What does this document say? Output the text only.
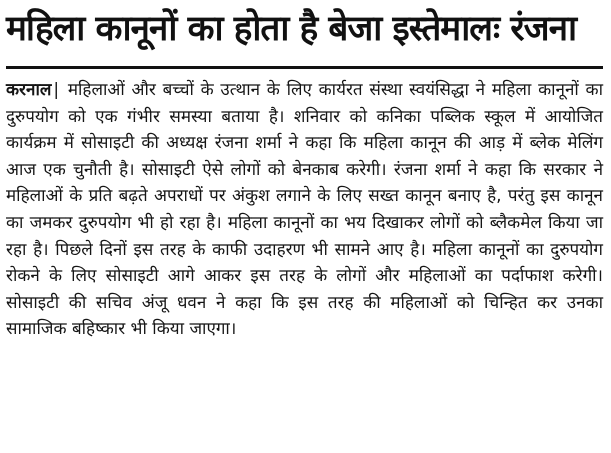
महिला कानूनों का होता है बेजा इस्तेमालः रंजना

करनाल | महिलाओं और बच्चों के उत्थान के लिए कार्यरत संस्था स्वयंसिद्धा ने महिला कानूनों का दुरुपयोग को एक गंभीर समस्या बताया है। शनिवार को कनिका पब्लिक स्कूल में आयोजित कार्यक्रम में सोसाइटी की अध्यक्ष रंजना शर्मा ने कहा कि महिला कानून की आड़ में ब्लेक मेलिंग आज एक चुनौती है। सोसाइटी ऐसे लोगों को बेनकाब करेगी। रंजना शर्मा ने कहा कि सरकार ने महिलाओं के प्रति बढ़ते अपराधों पर अंकुश लगाने के लिए सख्त कानून बनाए है, परंतु इस कानून का जमकर दुरुपयोग भी हो रहा है। महिला कानूनों का भय दिखाकर लोगों को ब्लैकमेल किया जा रहा है। पिछले दिनों इस तरह के काफी उदाहरण भी सामने आए है। महिला कानूनों का दुरुपयोग रोकने के लिए सोसाइटी आगे आकर इस तरह के लोगों और महिलाओं का पर्दाफाश करेगी। सोसाइटी की सचिव अंजू धवन ने कहा कि इस तरह की महिलाओं को चिन्हित कर उनका सामाजिक बहिष्कार भी किया जाएगा।
